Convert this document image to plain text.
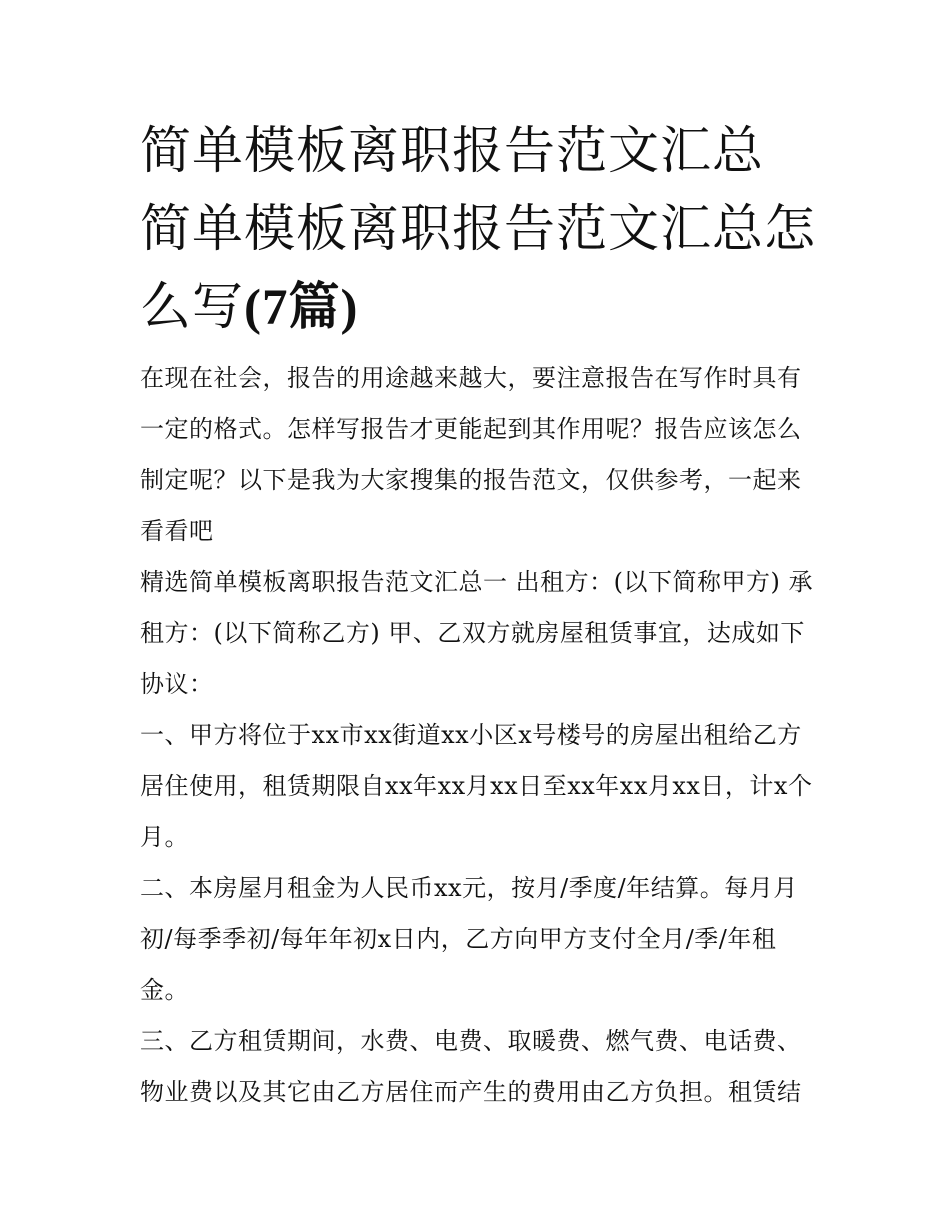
简单模板离职报告范文汇总 简单模板离职报告范文汇总怎么写(7篇)

在现在社会，报告的用途越来越大，要注意报告在写作时具有一定的格式。怎样写报告才更能起到其作用呢？报告应该怎么制定呢？以下是我为大家搜集的报告范文，仅供参考，一起来看看吧

精选简单模板离职报告范文汇总一 出租方：(以下简称甲方) 承租方：(以下简称乙方) 甲、乙双方就房屋租赁事宜，达成如下协议：

一、甲方将位于xx市xx街道xx小区x号楼号的房屋出租给乙方居住使用，租赁期限自xx年xx月xx日至xx年xx月xx日，计x个月。

二、本房屋月租金为人民币xx元，按月/季度/年结算。每月月初/每季季初/每年年初x日内，乙方向甲方支付全月/季/年租金。

三、乙方租赁期间，水费、电费、取暖费、燃气费、电话费、物业费以及其它由乙方居住而产生的费用由乙方负担。租赁结
